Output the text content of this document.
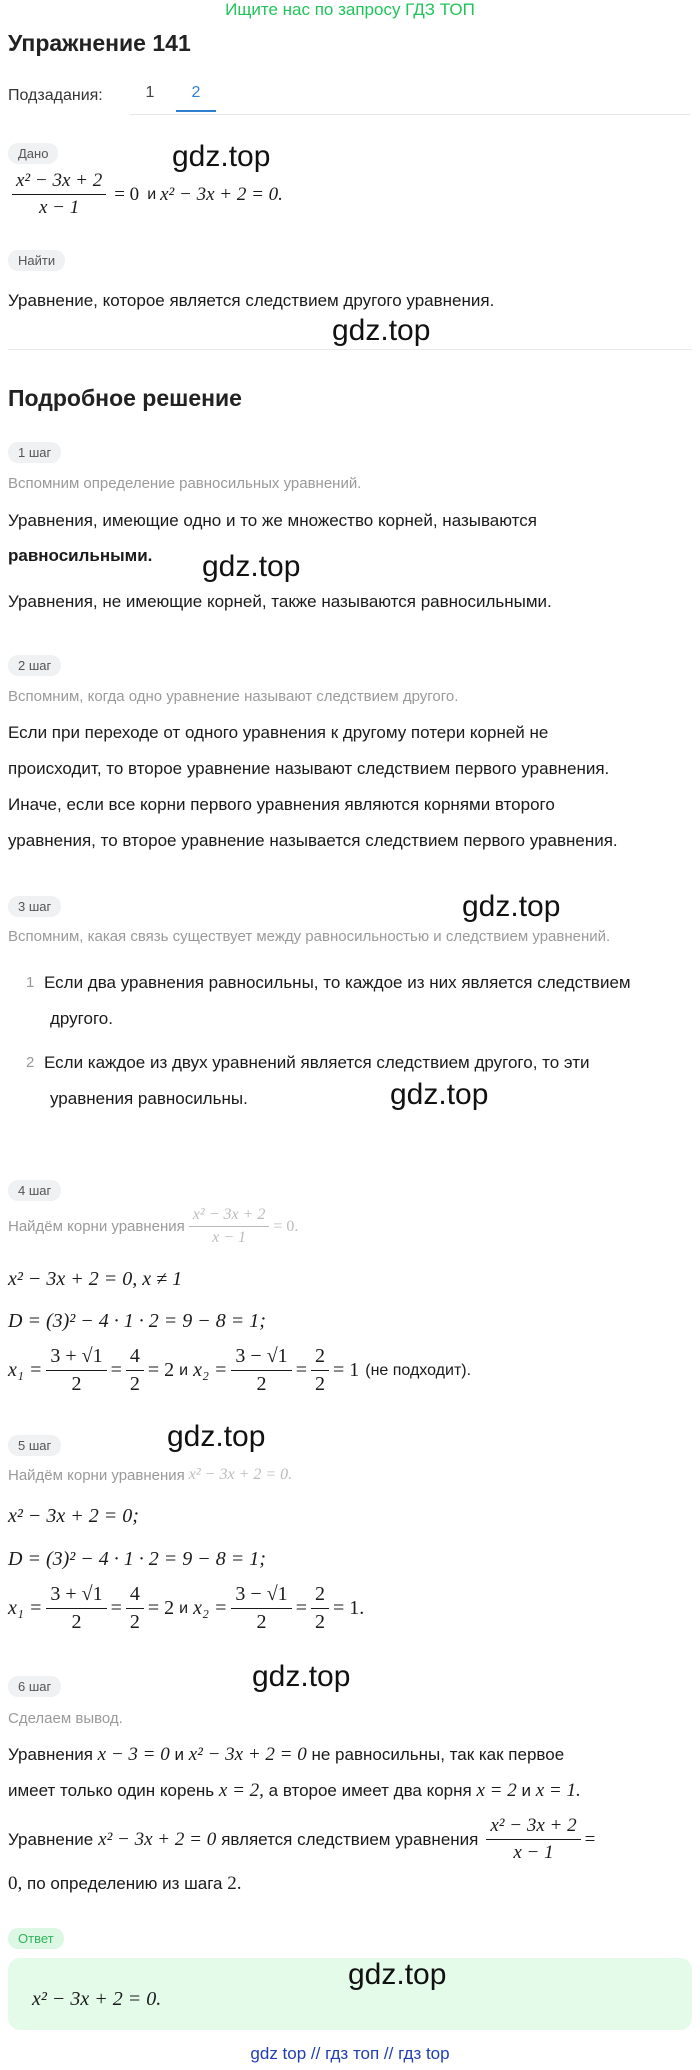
Ищите нас по запросу ГДЗ ТОП
Упражнение 141
Подзадания:	1	2
Дано	gdz.top
$\frac{\text{x² − 3x + 2}}{x - 1} = 0$ и x² − 3x + 2 = 0.
Найти
Уравнение, которое является следствием другого уравнения.
gdz.top
Подробное решение
1 шаг
Вспомним определение равносильных уравнений.
Уравнения, имеющие одно и то же множество корней, называются
равносильными. gdz.top
Уравнения, не имеющие корней, также называются равносильными.
2 шаг
Вспомним, когда одно уравнение называют следствием другого.
Если при переходе от одного уравнения к другому потери корней не
происходит, то второе уравнение называют следствием первого уравнения.
Иначе, если все корни первого уравнения являются корнями второго
уравнения, то второе уравнение называется следствием первого уравнения.
3 шаг	gdz.top
Вспомним, какая связь существует между равносильностью и следствием уравнений.
1 Если два уравнения равносильны, то каждое из них является следствием
другого.
2 Если каждое из двух уравнений является следствием другого, то эти
уравнения равносильны.	gdz.top
4 шаг
Найдём корни уравнения $\frac{\text{x² − 3x + 2}}{x - 1} = 0$.
x² − 3x + 2 = 0, x ≠ 1
D = (3)² − 4 · 1 · 2 = 9 − 8 = 1;
$x_1 = \frac{3 + √1}{2} = \frac{4}{2} = 2$ и $x_2 = \frac{3 - √1}{2} = \frac{2}{2} = 1$ (не подходит).
5 шаг	gdz.top
Найдём корни уравнения x² − 3x + 2 = 0.
x² − 3x + 2 = 0;
D = (3)² − 4 · 1 · 2 = 9 − 8 = 1;
$x_1 = \frac{3 + √1}{2} = \frac{4}{2} = 2$ и $x_2 = \frac{3 - √1}{2} = \frac{2}{2} = 1$.
6 шаг	gdz.top
Сделаем вывод.
Уравнения x − 3 = 0 и x² − 3x + 2 = 0 не равносильны, так как первое
имеет только один корень x = 2, а второе имеет два корня x = 2 и x = 1.
Уравнение x² − 3x + 2 = 0 является следствием уравнения $\frac{\text{x² − 3x + 2}}{x - 1}$ =
0, по определению из шага 2.
Ответ
gdz.top
x² − 3x + 2 = 0.
gdz top // гдз топ // гдз top
